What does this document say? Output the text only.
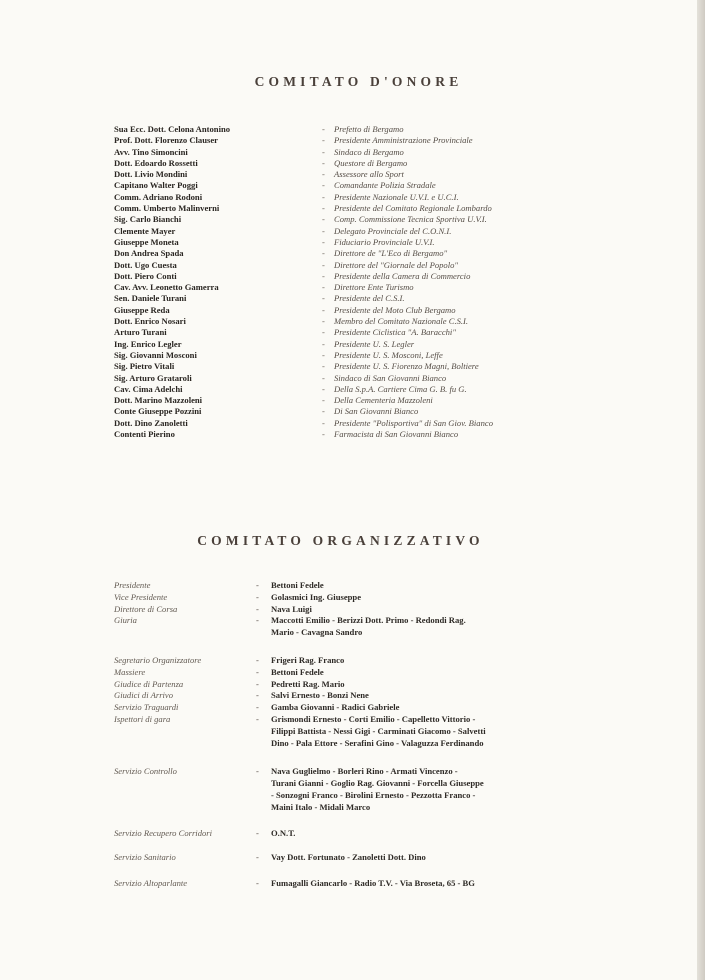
COMITATO D'ONORE
Sua Ecc. Dott. Celona Antonino	- Prefetto di Bergamo
Prof. Dott. Florenzo Clauser	- Presidente Amministrazione Provinciale
Avv. Tino Simoncini	- Sindaco di Bergamo
Dott. Edoardo Rossetti	- Questore di Bergamo
Dott. Livio Mondini	- Assessore allo Sport
Capitano Walter Poggi	- Comandante Polizia Stradale
Comm. Adriano Rodoni	- Presidente Nazionale U.V.I. e U.C.I.
Comm. Umberto Malinverni	- Presidente del Comitato Regionale Lombardo
Sig. Carlo Bianchi	- Comp. Commissione Tecnica Sportiva U.V.I.
Clemente Mayer	- Delegato Provinciale del C.O.N.I.
Giuseppe Moneta	- Fiduciario Provinciale U.V.I.
Don Andrea Spada	- Direttore de "L'Eco di Bergamo"
Dott. Ugo Cuesta	- Direttore del "Giornale del Popolo"
Dott. Piero Conti	- Presidente della Camera di Commercio
Cav. Avv. Leonetto Gamerra	- Direttore Ente Turismo
Sen. Daniele Turani	- Presidente del C.S.I.
Giuseppe Reda	- Presidente del Moto Club Bergamo
Dott. Enrico Nosari	- Membro del Comitato Nazionale C.S.I.
Arturo Turani	- Presidente Ciclistica "A. Baracchi"
Ing. Enrico Legler	- Presidente U. S. Legler
Sig. Giovanni Mosconi	- Presidente U. S. Mosconi, Leffe
Sig. Pietro Vitali	- Presidente U. S. Fiorenzo Magni, Boltiere
Sig. Arturo Grataroli	- Sindaco di San Giovanni Bianco
Cav. Cima Adelchi	- Della S.p.A. Cartiere Cima G. B. fu G.
Dott. Marino Mazzoleni	- Della Cementeria Mazzoleni
Conte Giuseppe Pozzini	- Di San Giovanni Bianco
Dott. Dino Zanoletti	- Presidente "Polisportiva" di San Giov. Bianco
Contenti Pierino	- Farmacista di San Giovanni Bianco
COMITATO ORGANIZZATIVO
Presidente	- Bettoni Fedele
Vice Presidente	- Golasmici Ing. Giuseppe
Direttore di Corsa	- Nava Luigi
Giuria	- Maccotti Emilio - Berizzi Dott. Primo - Redondi Rag.
Mario - Cavagna Sandro
Segretario Organizzatore	- Frigeri Rag. Franco
Massiere	- Bettoni Fedele
Giudice di Partenza	- Pedretti Rag. Mario
Giudici di Arrivo	- Salvi Ernesto - Bonzi Nene
Servizio Traguardi	- Gamba Giovanni - Radici Gabriele
Ispettori di gara	- Grismondi Ernesto - Corti Emilio - Capelletto Vittorio -
Filippi Battista - Nessi Gigi - Carminati Giacomo - Salvetti
Dino - Pala Ettore - Serafini Gino - Valaguzza Ferdinando
Servizio Controllo	- Nava Guglielmo - Borleri Rino - Armati Vincenzo -
Turani Gianni - Goglio Rag. Giovanni - Forcella Giuseppe
- Sonzogni Franco - Birolini Ernesto - Pezzotta Franco -
Maini Italo - Midali Marco
Servizio Recupero Corridori	- O.N.T.
Servizio Sanitario	- Vay Dott. Fortunato - Zanoletti Dott. Dino
Servizio Altoparlante	- Fumagalli Giancarlo - Radio T.V. - Via Broseta, 65 - BG
